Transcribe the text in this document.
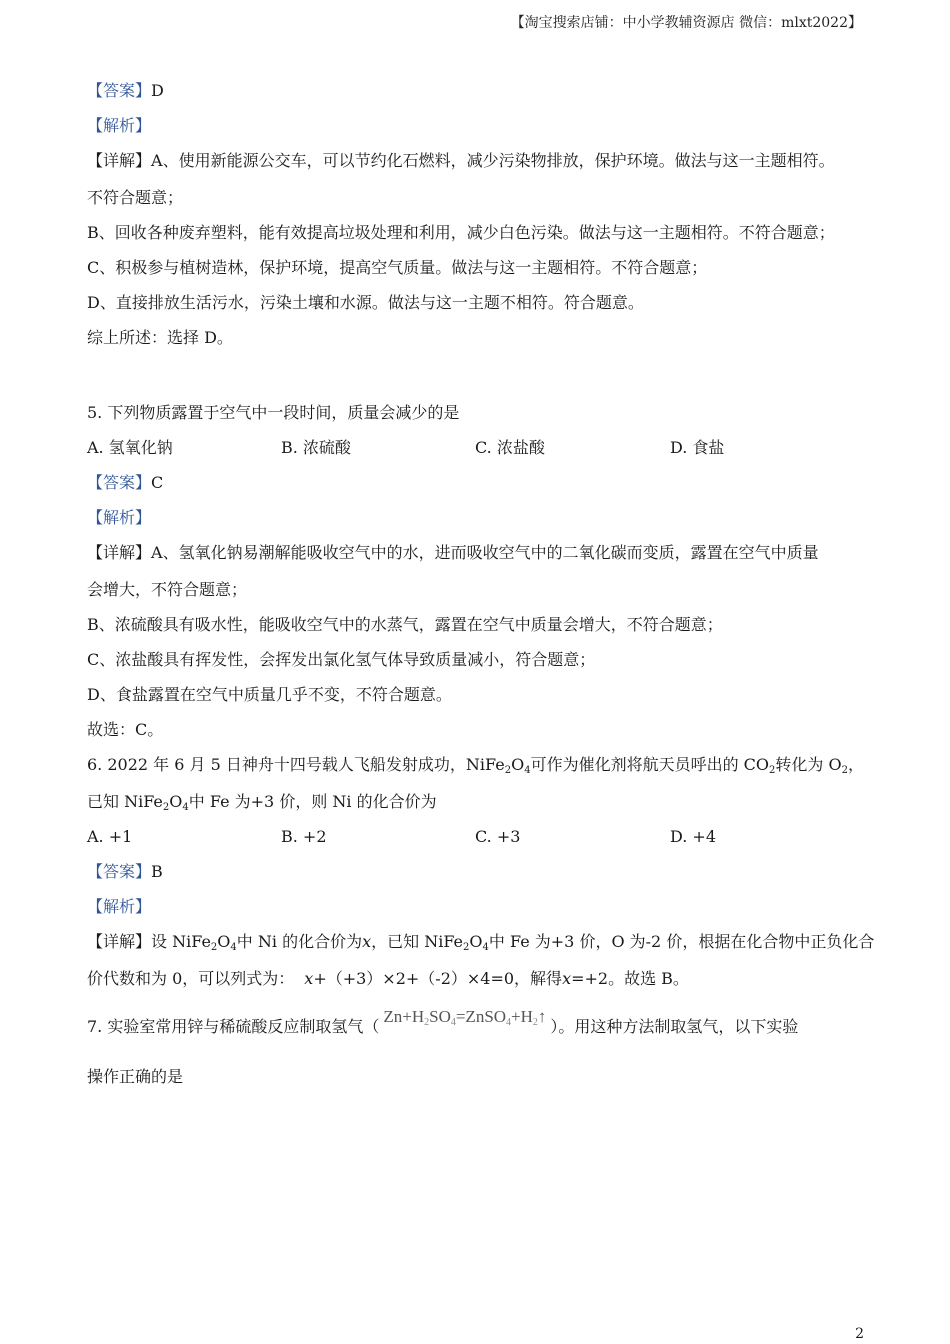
【淘宝搜索店铺：中小学教辅资源店 微信：mlxt2022】
【答案】D
【解析】
【详解】A、使用新能源公交车，可以节约化石燃料，减少污染物排放，保护环境。做法与这一主题相符。
不符合题意；
B、回收各种废弃塑料，能有效提高垃圾处理和利用，减少白色污染。做法与这一主题相符。不符合题意；
C、积极参与植树造林，保护环境，提高空气质量。做法与这一主题相符。不符合题意；
D、直接排放生活污水，污染土壤和水源。做法与这一主题不相符。符合题意。
综上所述：选择 D。
5. 下列物质露置于空气中一段时间，质量会减少的是
A. 氢氧化钠	B. 浓硫酸	C. 浓盐酸	D. 食盐
【答案】C
【解析】
【详解】A、氢氧化钠易潮解能吸收空气中的水，进而吸收空气中的二氧化碳而变质，露置在空气中质量
会增大，不符合题意；
B、浓硫酸具有吸水性，能吸收空气中的水蒸气，露置在空气中质量会增大，不符合题意；
C、浓盐酸具有挥发性，会挥发出氯化氢气体导致质量减小，符合题意；
D、食盐露置在空气中质量几乎不变，不符合题意。
故选：C。
6. 2022 年 6 月 5 日神舟十四号载人飞船发射成功，$NiFe_2O_4$可作为催化剂将航天员呼出的 $CO_2$转化为 $O_2$，
已知 $NiFe_2O_4$中 Fe 为+3 价，则 Ni 的化合价为
A. +1	B. +2	C. +3	D. +4
【答案】B
【解析】
【详解】设 $NiFe_2O_4$中 Ni 的化合价为x，已知 $NiFe_2O_4$中 Fe 为+3 价，O 为-2 价，根据在化合物中正负化合
价代数和为 0，可以列式为： x+（+3）×2+（-2）×4=0，解得x=+2。故选 B。
7. 实验室常用锌与稀硫酸反应制取氢气$(Zn+H_2SO_4=ZnSO_4+H_2↑)$。用这种方法制取氢气，以下实验
操作正确的是
2
